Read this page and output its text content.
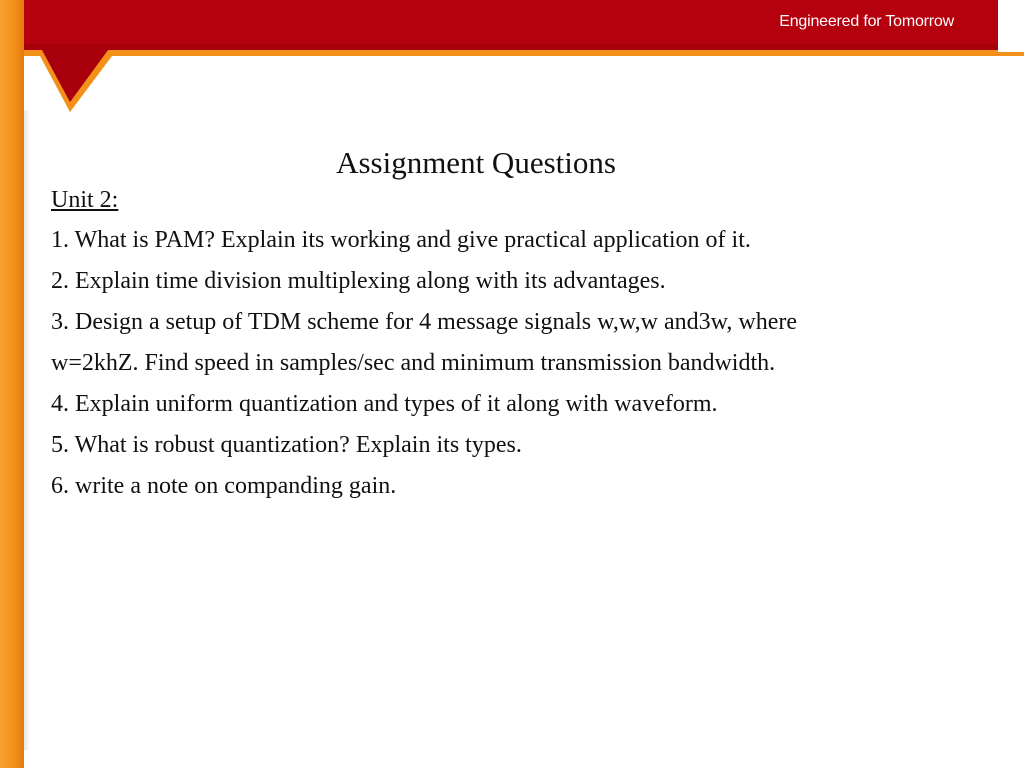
Engineered for Tomorrow
Assignment Questions
Unit 2:
1. What is PAM? Explain its working and give practical application of it.
2. Explain time division multiplexing along with its advantages.
3. Design a setup of TDM scheme for 4 message signals w,w,w and3w, where
w=2khZ. Find speed in samples/sec and minimum transmission bandwidth.
4. Explain uniform quantization and types of it along with waveform.
5. What is robust quantization? Explain its types.
6. write a note on companding gain.
